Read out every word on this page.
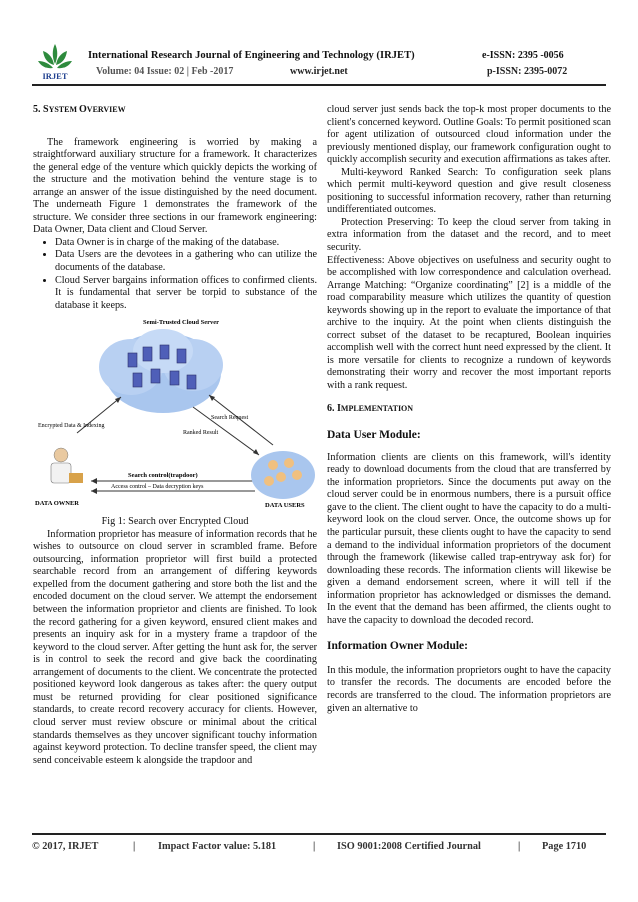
IRJET
International Research Journal of Engineering and Technology (IRJET)	e-ISSN: 2395 -0056
Volume: 04 Issue: 02 | Feb -2017	www.irjet.net	p-ISSN: 2395-0072
5. SYSTEM OVERVIEW

The framework engineering is worried by making a straightforward auxiliary structure for a framework. It characterizes the general edge of the venture which quickly depicts the working of the structure and the motivation behind the venture stage is to arrange an answer of the issue distinguished by the need document. The underneath Figure 1 demonstrates the framework of the structure. We consider three sections in our framework engineering: Data Owner, Data client and Cloud Server.

• Data Owner is in charge of the making of the database.
• Data Users are the devotees in a gathering who can utilize the documents of the database.
• Cloud Server bargains information offices to confirmed clients. It is fundamental that server be torpid to substance of the database it keeps.
Semi-Trusted Cloud Server
Search Request
Encrypted Data & Indexing
Ranked Result
Search control(trapdoor)
Access control – Data decryption keys
DATA OWNER	DATA USERS

Fig 1: Search over Encrypted Cloud

Information proprietor has measure of information records that he wishes to outsource on cloud server in scrambled frame. Before outsourcing, information proprietor will first build a protected searchable record from an arrangement of differing keywords expelled from the document gathering and store both the list and the encoded document on the cloud server. We attempt the endorsement between the information proprietor and clients are finished. To look the record gathering for a given keyword, ensured client makes and presents an inquiry ask for in a mystery frame a trapdoor of the keyword to the cloud server. After getting the hunt ask for, the server is in control to seek the record and give back the coordinating arrangement of documents to the client. We concentrate the protected positioned keyword look dangerous as takes after: the query output must be returned providing for clear positioned significance standards, to create record recovery accuracy for clients. However, cloud server must review obscure or minimal about the critical standards themselves as they uncover significant touchy information against keyword protection. To decline transfer speed, the client may send conceivable esteem k alongside the trapdoor and

cloud server just sends back the top-k most proper documents to the client's concerned keyword. Outline Goals: To permit positioned scan for agent utilization of outsourced cloud information under the previously mentioned display, our framework configuration ought to quickly accomplish security and execution affirmations as takes after.

Multi-keyword Ranked Search: To configuration seek plans which permit multi-keyword question and give result closeness positioning to successful information recovery, rather than returning undifferentiated outcomes.

Protection Preserving: To keep the cloud server from taking in extra information from the dataset and the record, and to meet security.

Effectiveness: Above objectives on usefulness and security ought to be accomplished with low correspondence and calculation overhead. Arrange Matching: “Organize coordinating” [2] is a middle of the road comparability measure which utilizes the quantity of question keywords showing up in the report to evaluate the importance of that archive to the inquiry. At the point when clients distinguish the correct subset of the dataset to be recaptured, Boolean inquiries accomplish well with the correct hunt need expressed by the client. It is more versatile for clients to recognize a rundown of keywords demonstrating their worry and recover the most important reports with a rank request.

6. IMPLEMENTATION

Data User Module:

Information clients are clients on this framework, will's identity ready to download documents from the cloud that are transferred by the information proprietors. Since the documents put away on the cloud server could be in enormous numbers, there is a pursuit office gave to the client. The client ought to have the capacity to do a multi-keyword look on the cloud server. Once, the outcome shows up for the particular pursuit, these clients ought to have the capacity to send a demand to the individual information proprietors of the document through the framework (likewise called trap-entryway ask for) for downloading these records. The information clients will likewise be given a demand endorsement screen, where it will tell if the information proprietor has acknowledged or dismisses the demand. In the event that the demand has been affirmed, the clients ought to have the capacity to download the decoded record.

Information Owner Module:

In this module, the information proprietors ought to have the capacity to transfer the records. The documents are encoded before the records are transferred to the cloud. The information proprietors are given an alternative to

© 2017, IRJET	| Impact Factor value: 5.181	| ISO 9001:2008 Certified Journal	| Page 1710
